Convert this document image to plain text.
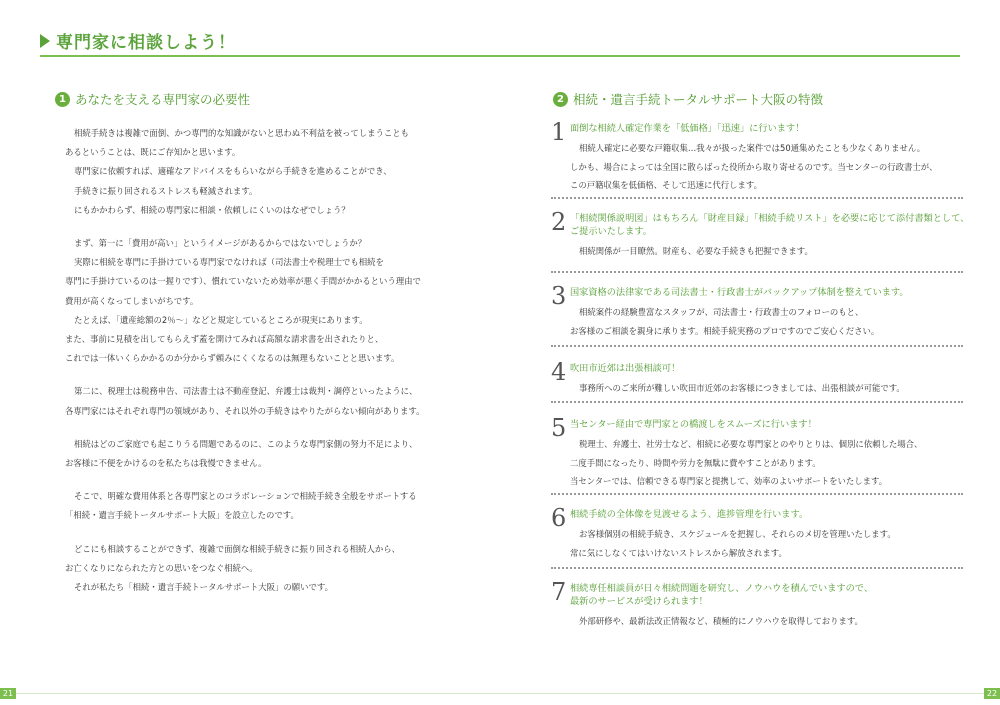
専門家に相談しよう！
1 あなたを支える専門家の必要性
相続手続きは複雑で面倒、かつ専門的な知識がないと思わぬ不利益を被ってしまうことも
あるということは、既にご存知かと思います。
専門家に依頼すれば、適確なアドバイスをもらいながら手続きを進めることができ、
手続きに振り回されるストレスも軽減されます。
にもかかわらず、相続の専門家に相談・依頼しにくいのはなぜでしょう？
まず、第一に「費用が高い」というイメージがあるからではないでしょうか？
実際に相続を専門に手掛けている専門家でなければ（司法書士や税理士でも相続を
専門に手掛けているのは一握りです）、慣れていないため効率が悪く手間がかかるという理由で
費用が高くなってしまいがちです。
たとえば、「遺産総額の2％～」などと規定しているところが現実にあります。
また、事前に見積を出してもらえず蓋を開けてみれば高額な請求書を出されたりと、
これでは一体いくらかかるのか分からず頼みにくくなるのは無理もないことと思います。
第二に、税理士は税務申告、司法書士は不動産登記、弁護士は裁判・調停といったように、
各専門家にはそれぞれ専門の領域があり、それ以外の手続きはやりたがらない傾向があります。
相続はどのご家庭でも起こりうる問題であるのに、このような専門家側の努力不足により、
お客様に不便をかけるのを私たちは我慢できません。
そこで、明確な費用体系と各専門家とのコラボレーションで相続手続き全般をサポートする
「相続・遺言手続トータルサポート大阪」を設立したのです。
どこにも相談することができず、複雑で面倒な相続手続きに振り回される相続人から、
お亡くなりになられた方との思いをつなぐ相続へ。
それが私たち「相続・遺言手続トータルサポート大阪」の願いです。
2 相続・遺言手続トータルサポート大阪の特徴
1 面倒な相続人確定作業を「低価格」「迅速」に行います！
相続人確定に必要な戸籍収集…我々が扱った案件では50通集めたことも少なくありません。
しかも、場合によっては全国に散らばった役所から取り寄せるのです。当センターの行政書士が、
この戸籍収集を低価格、そして迅速に代行します。
2 「相続関係説明図」はもちろん「財産目録」「相続手続リスト」を必要に応じて添付書類として、
ご提示いたします。
相続関係が一目瞭然。財産も、必要な手続きも把握できます。
3 国家資格の法律家である司法書士・行政書士がバックアップ体制を整えています。
相続案件の経験豊富なスタッフが、司法書士・行政書士のフォローのもと、
お客様のご相談を親身に承ります。相続手続実務のプロですのでご安心ください。
4 吹田市近郊は出張相談可！
事務所へのご来所が難しい吹田市近郊のお客様につきましては、出張相談が可能です。
5 当センター経由で専門家との橋渡しをスムーズに行います！
税理士、弁護士、社労士など、相続に必要な専門家とのやりとりは、個別に依頼した場合、
二度手間になったり、時間や労力を無駄に費やすことがあります。
当センターでは、信頼できる専門家と提携して、効率のよいサポートをいたします。
6 相続手続の全体像を見渡せるよう、進捗管理を行います。
お客様個別の相続手続き、スケジュールを把握し、それらのメ切を管理いたします。
常に気にしなくてはいけないストレスから解放されます。
7 相続専任相談員が日々相続問題を研究し、ノウハウを積んでいますので、
最新のサービスが受けられます！
外部研修や、最新法改正情報など、積極的にノウハウを取得しております。
21	22
